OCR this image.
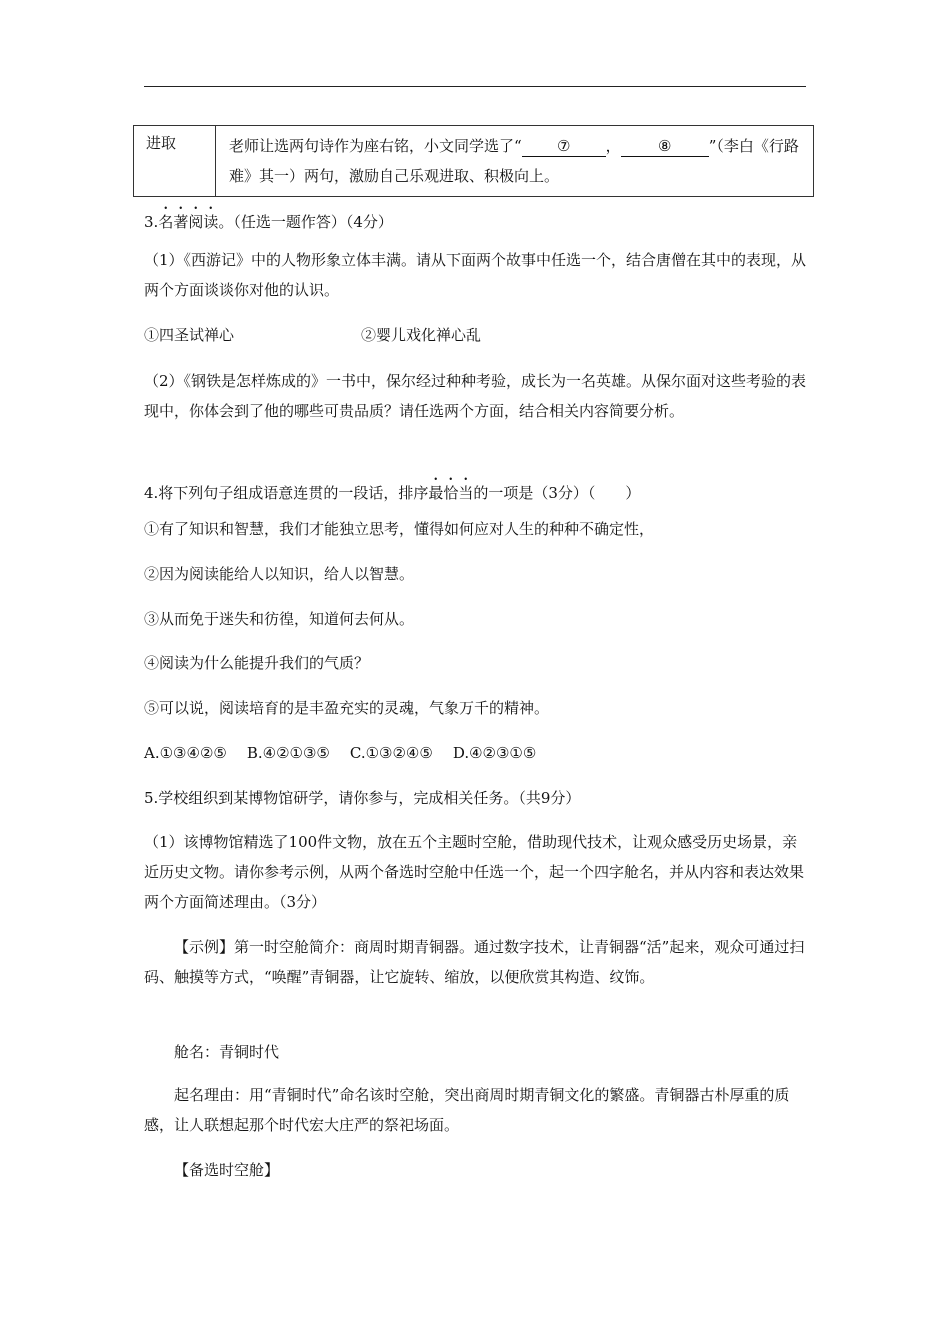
进取	老师让选两句诗作为座右铭，小文同学选了“ ⑦ ， ⑧ ”（李白《行路难》其一）两句，激励自己乐观进取、积极向上。
3.名著阅读。（任选一题作答）（4分）
（1）《西游记》中的人物形象立体丰满。请从下面两个故事中任选一个，结合唐僧在其中的表现，从两个方面谈谈你对他的认识。
①四圣试禅心	②婴儿戏化禅心乱
（2）《钢铁是怎样炼成的》一书中，保尔经过种种考验，成长为一名英雄。从保尔面对这些考验的表现中，你体会到了他的哪些可贵品质？请任选两个方面，结合相关内容简要分析。
4.将下列句子组成语意连贯的一段话，排序最恰当的一项是（3分）（　　）
①有了知识和智慧，我们才能独立思考，懂得如何应对人生的种种不确定性，
②因为阅读能给人以知识，给人以智慧。
③从而免于迷失和彷徨，知道何去何从。
④阅读为什么能提升我们的气质？
⑤可以说，阅读培育的是丰盈充实的灵魂，气象万千的精神。
A.①③④②⑤ B.④②①③⑤ C.①③②④⑤ D.④②③①⑤
5.学校组织到某博物馆研学，请你参与，完成相关任务。（共9分）
（1）该博物馆精选了100件文物，放在五个主题时空舱，借助现代技术，让观众感受历史场景，亲近历史文物。请你参考示例，从两个备选时空舱中任选一个，起一个四字舱名，并从内容和表达效果两个方面简述理由。（3分）
【示例】第一时空舱简介：商周时期青铜器。通过数字技术，让青铜器“活”起来，观众可通过扫码、触摸等方式，“唤醒”青铜器，让它旋转、缩放，以便欣赏其构造、纹饰。
舱名：青铜时代
起名理由：用“青铜时代”命名该时空舱，突出商周时期青铜文化的繁盛。青铜器古朴厚重的质感，让人联想起那个时代宏大庄严的祭祀场面。
【备选时空舱】
